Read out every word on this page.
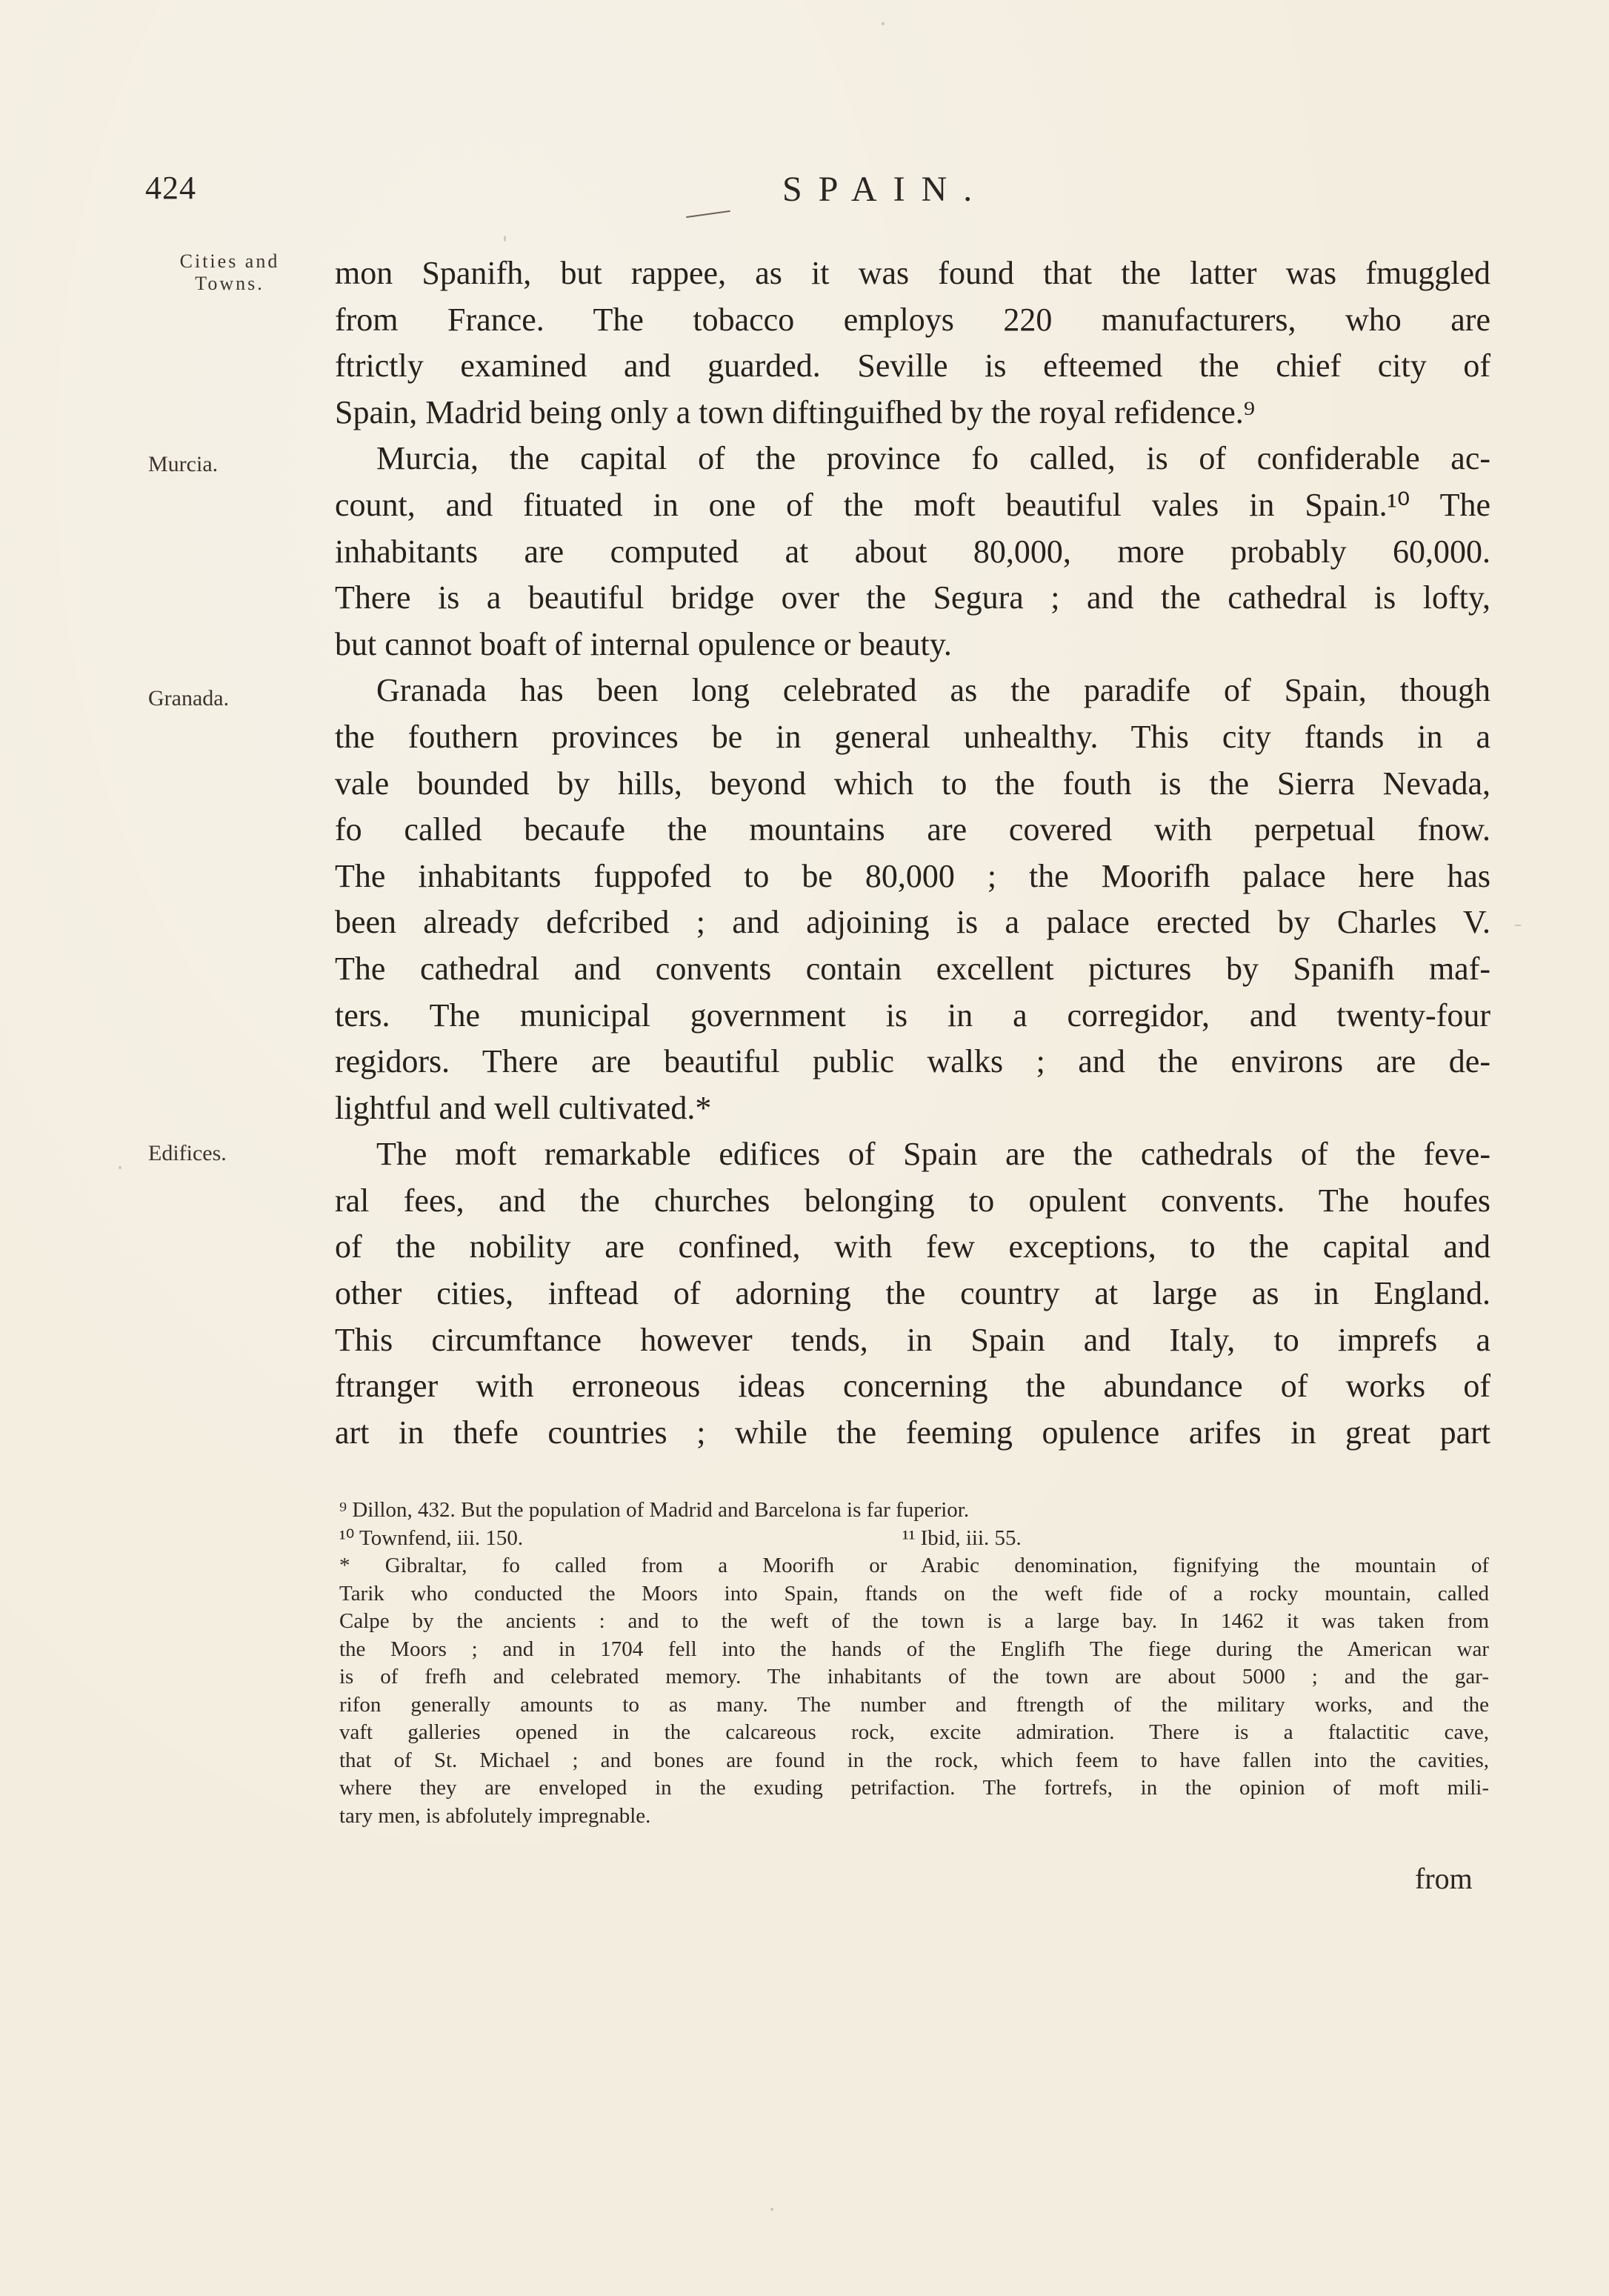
424	SPAIN.
Cities and
Towns.
Murcia.
Granada.
Edifices.
mon Spanifh, but rappee, as it was found that the latter was fmuggled
from France. The tobacco employs 220 manufacturers, who are
ftrictly examined and guarded. Seville is efteemed the chief city of
Spain, Madrid being only a town diftinguifhed by the royal refidence.⁹
Murcia, the capital of the province fo called, is of confiderable ac-
count, and fituated in one of the moft beautiful vales in Spain.¹⁰ The
inhabitants are computed at about 80,000, more probably 60,000.
There is a beautiful bridge over the Segura ; and the cathedral is lofty,
but cannot boaft of internal opulence or beauty.
Granada has been long celebrated as the paradife of Spain, though
the fouthern provinces be in general unhealthy. This city ftands in a
vale bounded by hills, beyond which to the fouth is the Sierra Nevada,
fo called becaufe the mountains are covered with perpetual fnow.
The inhabitants fuppofed to be 80,000 ; the Moorifh palace here has
been already defcribed ; and adjoining is a palace erected by Charles V.
The cathedral and convents contain excellent pictures by Spanifh maf-
ters. The municipal government is in a corregidor, and twenty-four
regidors. There are beautiful public walks ; and the environs are de-
lightful and well cultivated.*
The moft remarkable edifices of Spain are the cathedrals of the feve-
ral fees, and the churches belonging to opulent convents. The houfes
of the nobility are confined, with few exceptions, to the capital and
other cities, inftead of adorning the country at large as in England.
This circumftance however tends, in Spain and Italy, to imprefs a
ftranger with erroneous ideas concerning the abundance of works of
art in thefe countries ; while the feeming opulence arifes in great part
⁹ Dillon, 432. But the population of Madrid and Barcelona is far fuperior.
¹⁰ Townfend, iii. 150.	¹¹ Ibid, iii. 55.
* Gibraltar, fo called from a Moorifh or Arabic denomination, fignifying the mountain of
Tarik who conducted the Moors into Spain, ftands on the weft fide of a rocky mountain, called
Calpe by the ancients : and to the weft of the town is a large bay. In 1462 it was taken from
the Moors ; and in 1704 fell into the hands of the Englifh The fiege during the American war
is of frefh and celebrated memory. The inhabitants of the town are about 5000 ; and the gar-
rifon generally amounts to as many. The number and ftrength of the military works, and the
vaft galleries opened in the calcareous rock, excite admiration. There is a ftalactitic cave,
that of St. Michael ; and bones are found in the rock, which feem to have fallen into the cavities,
where they are enveloped in the exuding petrifaction. The fortrefs, in the opinion of moft mili-
tary men, is abfolutely impregnable.
from
